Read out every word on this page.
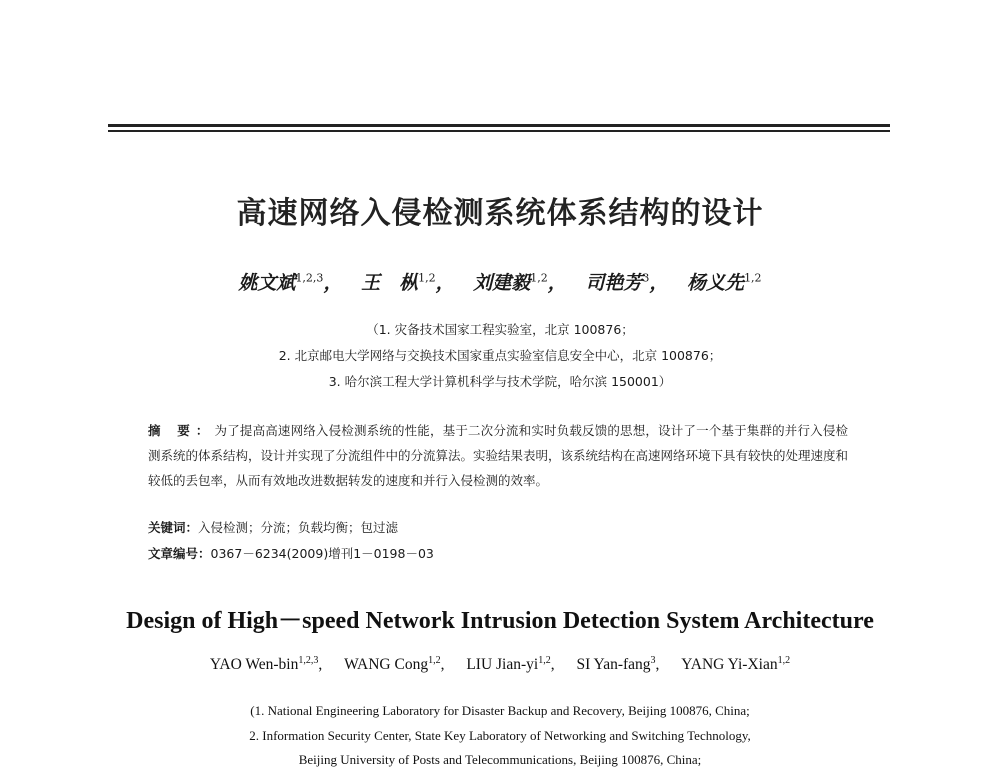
高速网络入侵检测系统体系结构的设计
姚文斌$^{1,2,3}$， 王　枞$^{1,2}$， 刘建毅$^{1,2}$， 司艳芳$^3$， 杨义先$^{1,2}$
（1. 灾备技术国家工程实验室，北京 100876；
2. 北京邮电大学网络与交换技术国家重点实验室信息安全中心，北京 100876；
3. 哈尔滨工程大学计算机科学与技术学院，哈尔滨 150001）
摘 要：为了提高高速网络入侵检测系统的性能，基于二次分流和实时负载反馈的思想，设计了一个基于集群的并行入侵检测系统的体系结构，设计并实现了分流组件中的分流算法。实验结果表明，该系统结构在高速网络环境下具有较快的处理速度和较低的丢包率，从而有效地改进数据转发的速度和并行入侵检测的效率。
关键词：入侵检测；分流；负载均衡；包过滤
文章编号：0367－6234(2009)增刊1－0198－03
Design of High－speed Network Intrusion Detection System Architecture
YAO Wen-bin$^{1,2,3}$, WANG Cong$^{1,2}$, LIU Jian-yi$^{1,2}$, SI Yan-fang$^3$, YANG Yi-Xian$^{1,2}$
(1. National Engineering Laboratory for Disaster Backup and Recovery, Beijing 100876, China;
2. Information Security Center, State Key Laboratory of Networking and Switching Technology,
Beijing University of Posts and Telecommunications, Beijing 100876, China;
